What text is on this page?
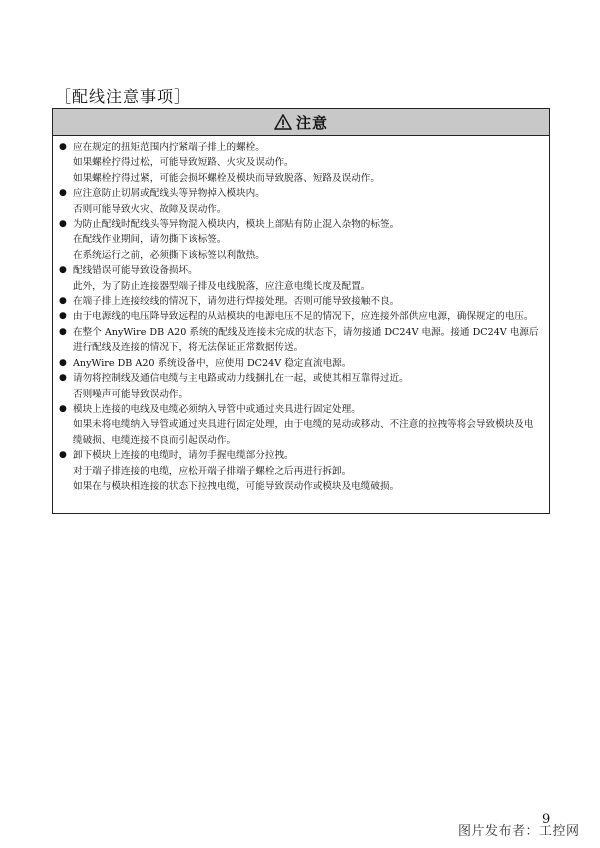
［配线注意事项］
注意
● 应在规定的扭矩范围内拧紧端子排上的螺栓。
如果螺栓拧得过松，可能导致短路、火灾及误动作。
如果螺栓拧得过紧，可能会损坏螺栓及模块而导致脱落、短路及误动作。
● 应注意防止切屑或配线头等异物掉入模块内。
否则可能导致火灾、故障及误动作。
● 为防止配线时配线头等异物混入模块内，模块上部贴有防止混入杂物的标签。
在配线作业期间，请勿撕下该标签。
在系统运行之前，必须撕下该标签以利散热。
● 配线错误可能导致设备损坏。
此外，为了防止连接器型端子排及电线脱落，应注意电缆长度及配置。
● 在端子排上连接绞线的情况下，请勿进行焊接处理。否则可能导致接触不良。
● 由于电源线的电压降导致远程的从站模块的电源电压不足的情况下，应连接外部供应电源，确保规定的电压。
● 在整个 AnyWire DB A20 系统的配线及连接未完成的状态下，请勿接通 DC24V 电源。接通 DC24V 电源后进行配线及连接的情况下，将无法保证正常数据传送。
● AnyWire DB A20 系统设备中，应使用 DC24V 稳定直流电源。
● 请勿将控制线及通信电缆与主电路或动力线捆扎在一起，或使其相互靠得过近。
否则噪声可能导致误动作。
● 模块上连接的电线及电缆必须纳入导管中或通过夹具进行固定处理。
如果未将电缆纳入导管或通过夹具进行固定处理，由于电缆的晃动或移动、不注意的拉拽等将会导致模块及电缆破损、电缆连接不良而引起误动作。
● 卸下模块上连接的电缆时，请勿手握电缆部分拉拽。
对于端子排连接的电缆，应松开端子排端子螺栓之后再进行拆卸。
如果在与模块相连接的状态下拉拽电缆，可能导致误动作或模块及电缆破损。
9
图片发布者：工控网
